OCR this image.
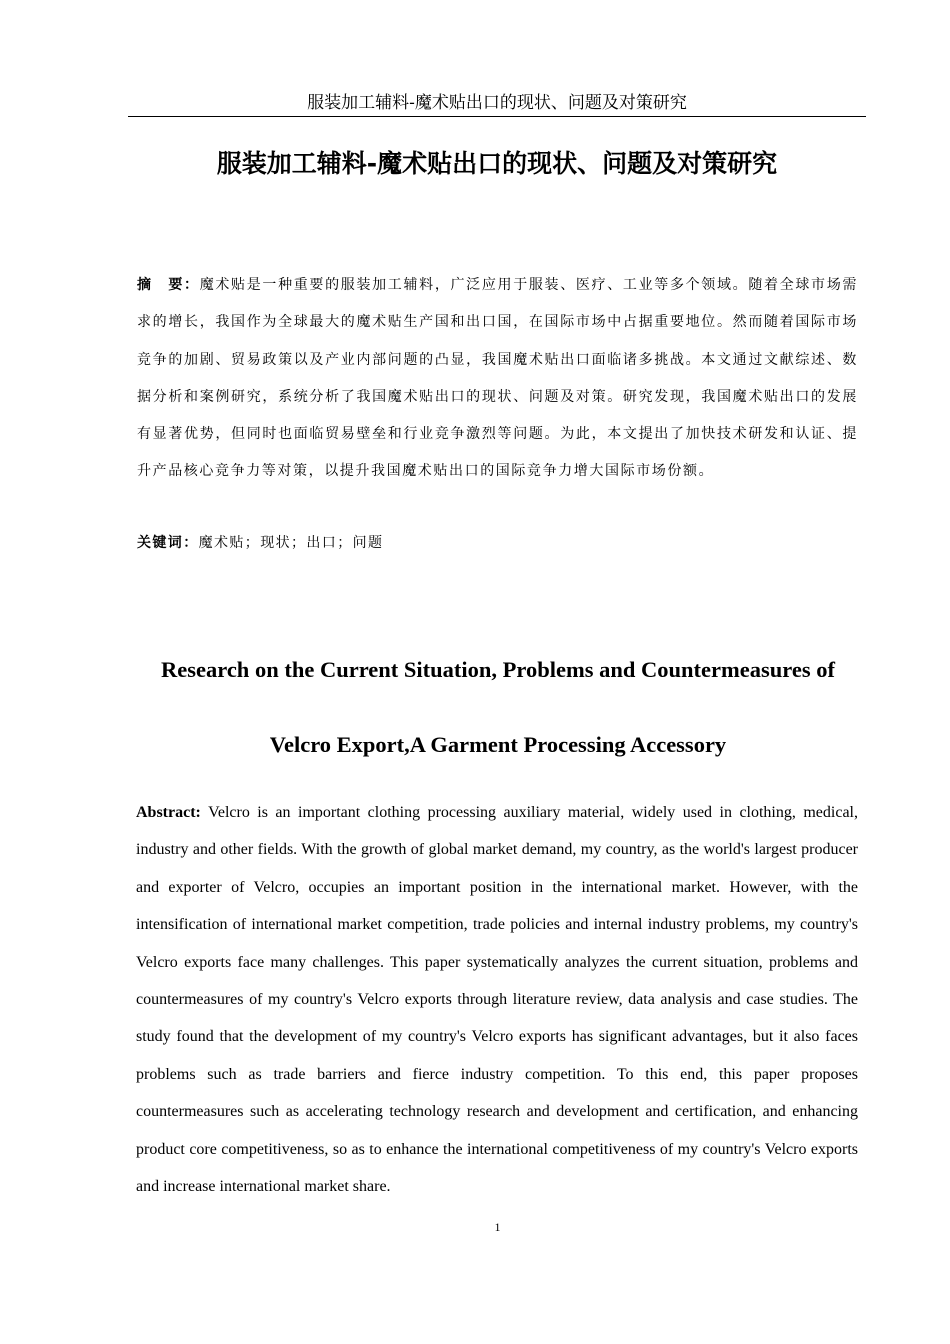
服装加工辅料-魔术贴出口的现状、问题及对策研究
服装加工辅料-魔术贴出口的现状、问题及对策研究
摘　要：魔术贴是一种重要的服装加工辅料，广泛应用于服装、医疗、工业等多个领域。随着全球市场需求的增长，我国作为全球最大的魔术贴生产国和出口国，在国际市场中占据重要地位。然而随着国际市场竞争的加剧、贸易政策以及产业内部问题的凸显，我国魔术贴出口面临诸多挑战。本文通过文献综述、数据分析和案例研究，系统分析了我国魔术贴出口的现状、问题及对策。研究发现，我国魔术贴出口的发展有显著优势，但同时也面临贸易壁垒和行业竞争激烈等问题。为此，本文提出了加快技术研发和认证、提升产品核心竞争力等对策，以提升我国魔术贴出口的国际竞争力增大国际市场份额。
关键词：魔术贴；现状；出口；问题
Research on the Current Situation, Problems and Countermeasures of
Velcro Export,A Garment Processing Accessory
Abstract: Velcro is an important clothing processing auxiliary material, widely used in clothing, medical, industry and other fields. With the growth of global market demand, my country, as the world's largest producer and exporter of Velcro, occupies an important position in the international market. However, with the intensification of international market competition, trade policies and internal industry problems, my country's Velcro exports face many challenges. This paper systematically analyzes the current situation, problems and countermeasures of my country's Velcro exports through literature review, data analysis and case studies. The study found that the development of my country's Velcro exports has significant advantages, but it also faces problems such as trade barriers and fierce industry competition. To this end, this paper proposes countermeasures such as accelerating technology research and development and certification, and enhancing product core competitiveness, so as to enhance the international competitiveness of my country's Velcro exports and increase international market share.
1
